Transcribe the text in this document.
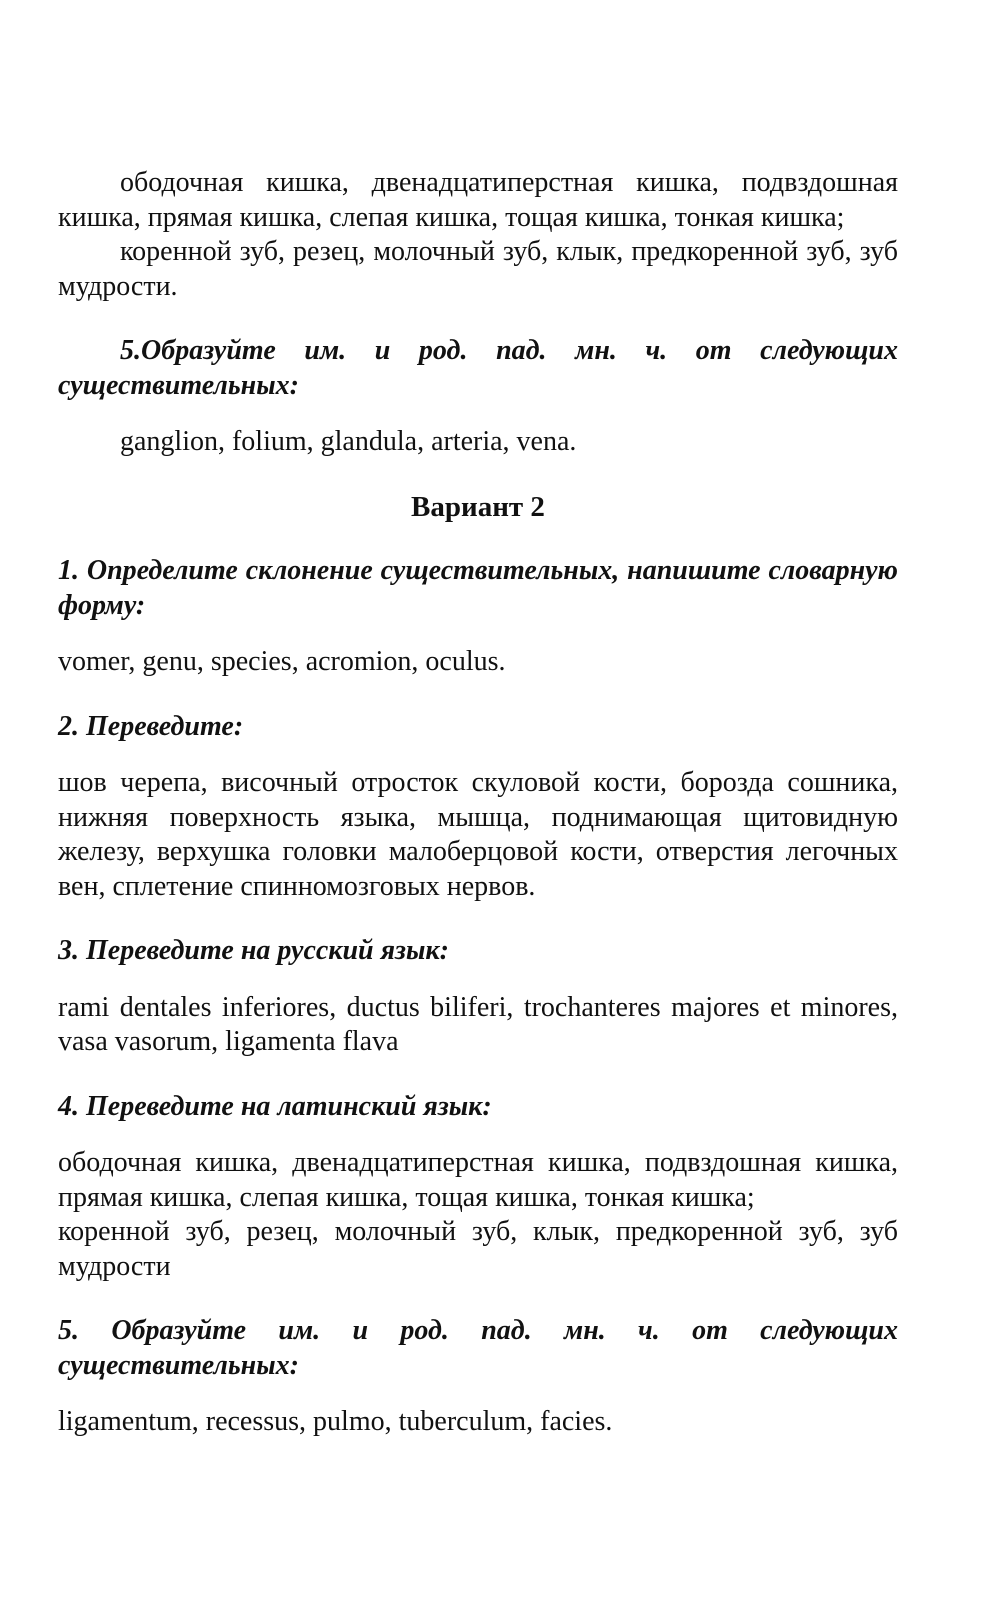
ободочная кишка, двенадцатиперстная кишка, подвздошная кишка, прямая кишка, слепая кишка, тощая кишка, тонкая кишка;

коренной зуб, резец, молочный зуб, клык, предкоренной зуб, зуб мудрости.

5.Образуйте им. и род. пад. мн. ч. от следующих существительных:

ganglion, folium, glandula, arteria, vena.

Вариант 2

1. Определите склонение существительных, напишите словарную форму:

vomer, genu, species, acromion, oculus.

2. Переведите:

шов черепа, височный отросток скуловой кости, борозда сошника, нижняя поверхность языка, мышца, поднимающая щитовидную железу, верхушка головки малоберцовой кости, отверстия легочных вен, сплетение спинномозговых нервов.

3. Переведите на русский язык:

rami dentales inferiores, ductus biliferi, trochanteres majores et minores, vasa vasorum, ligamenta flava

4. Переведите на латинский язык:

ободочная кишка, двенадцатиперстная кишка, подвздошная кишка, прямая кишка, слепая кишка, тощая кишка, тонкая кишка;

коренной зуб, резец, молочный зуб, клык, предкоренной зуб, зуб мудрости

5. Образуйте им. и род. пад. мн. ч. от следующих существительных:

ligamentum, recessus, pulmo, tuberculum, facies.
